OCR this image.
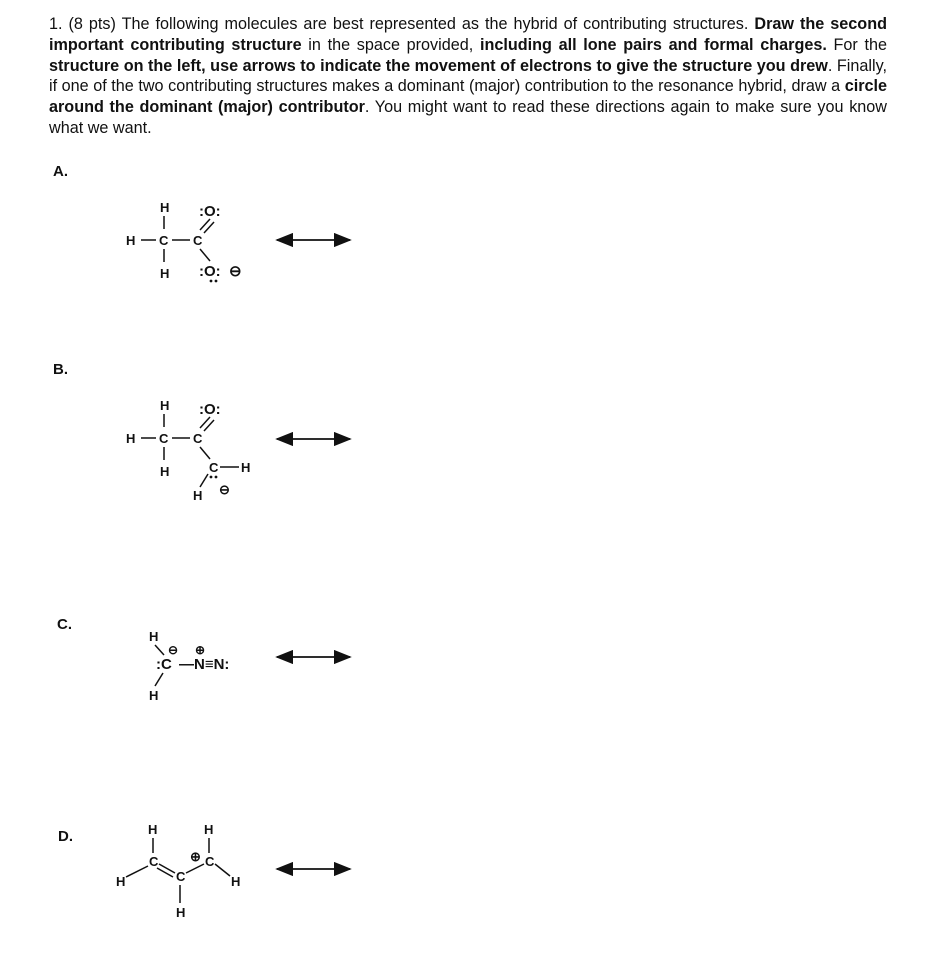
1. (8 pts) The following molecules are best represented as the hybrid of contributing structures. Draw the second important contributing structure in the space provided, including all lone pairs and formal charges. For the structure on the left, use arrows to indicate the movement of electrons to give the structure you drew. Finally, if one of the two contributing structures makes a dominant (major) contribution to the resonance hybrid, draw a circle around the dominant (major) contributor. You might want to read these directions again to make sure you know what we want.

A.
B.
C.
D.
H :O:
H C C
H :O: ⊖
H :O:
H C C
H	C H
H ⊖
H
⊖ ⊕
:C —N≡N:
H
H	H
C	C
C
H	H
H
⊕
